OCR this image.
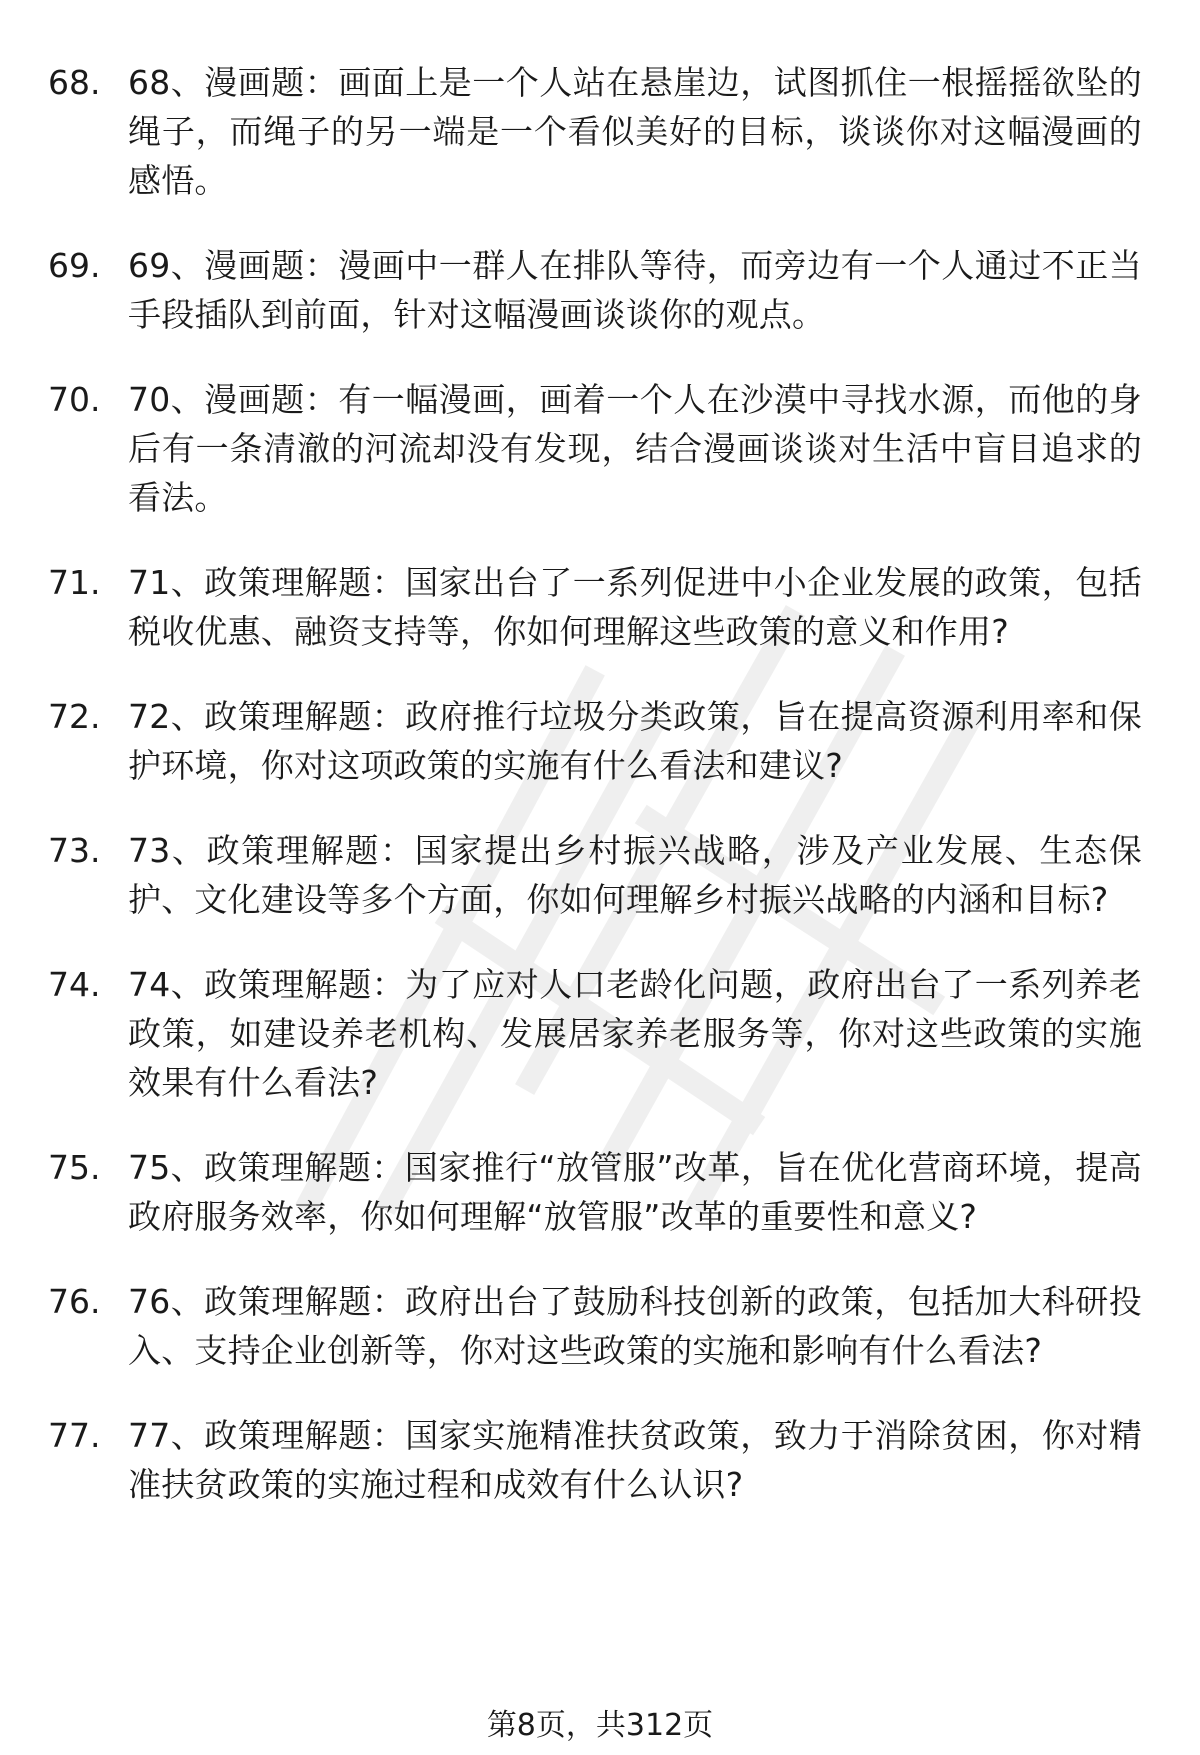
68. 68、漫画题：画面上是一个人站在悬崖边，试图抓住一根摇摇欲坠的绳子，而绳子的另一端是一个看似美好的目标，谈谈你对这幅漫画的感悟。
69. 69、漫画题：漫画中一群人在排队等待，而旁边有一个人通过不正当手段插队到前面，针对这幅漫画谈谈你的观点。
70. 70、漫画题：有一幅漫画，画着一个人在沙漠中寻找水源，而他的身后有一条清澈的河流却没有发现，结合漫画谈谈对生活中盲目追求的看法。
71. 71、政策理解题：国家出台了一系列促进中小企业发展的政策，包括税收优惠、融资支持等，你如何理解这些政策的意义和作用?
72. 72、政策理解题：政府推行垃圾分类政策，旨在提高资源利用率和保护环境，你对这项政策的实施有什么看法和建议?
73. 73、政策理解题：国家提出乡村振兴战略，涉及产业发展、生态保护、文化建设等多个方面，你如何理解乡村振兴战略的内涵和目标?
74. 74、政策理解题：为了应对人口老龄化问题，政府出台了一系列养老政策，如建设养老机构、发展居家养老服务等，你对这些政策的实施效果有什么看法?
75. 75、政策理解题：国家推行“放管服”改革，旨在优化营商环境，提高政府服务效率，你如何理解“放管服”改革的重要性和意义?
76. 76、政策理解题：政府出台了鼓励科技创新的政策，包括加大科研投入、支持企业创新等，你对这些政策的实施和影响有什么看法?
77. 77、政策理解题：国家实施精准扶贫政策，致力于消除贫困，你对精准扶贫政策的实施过程和成效有什么认识?
第8页，共312页
